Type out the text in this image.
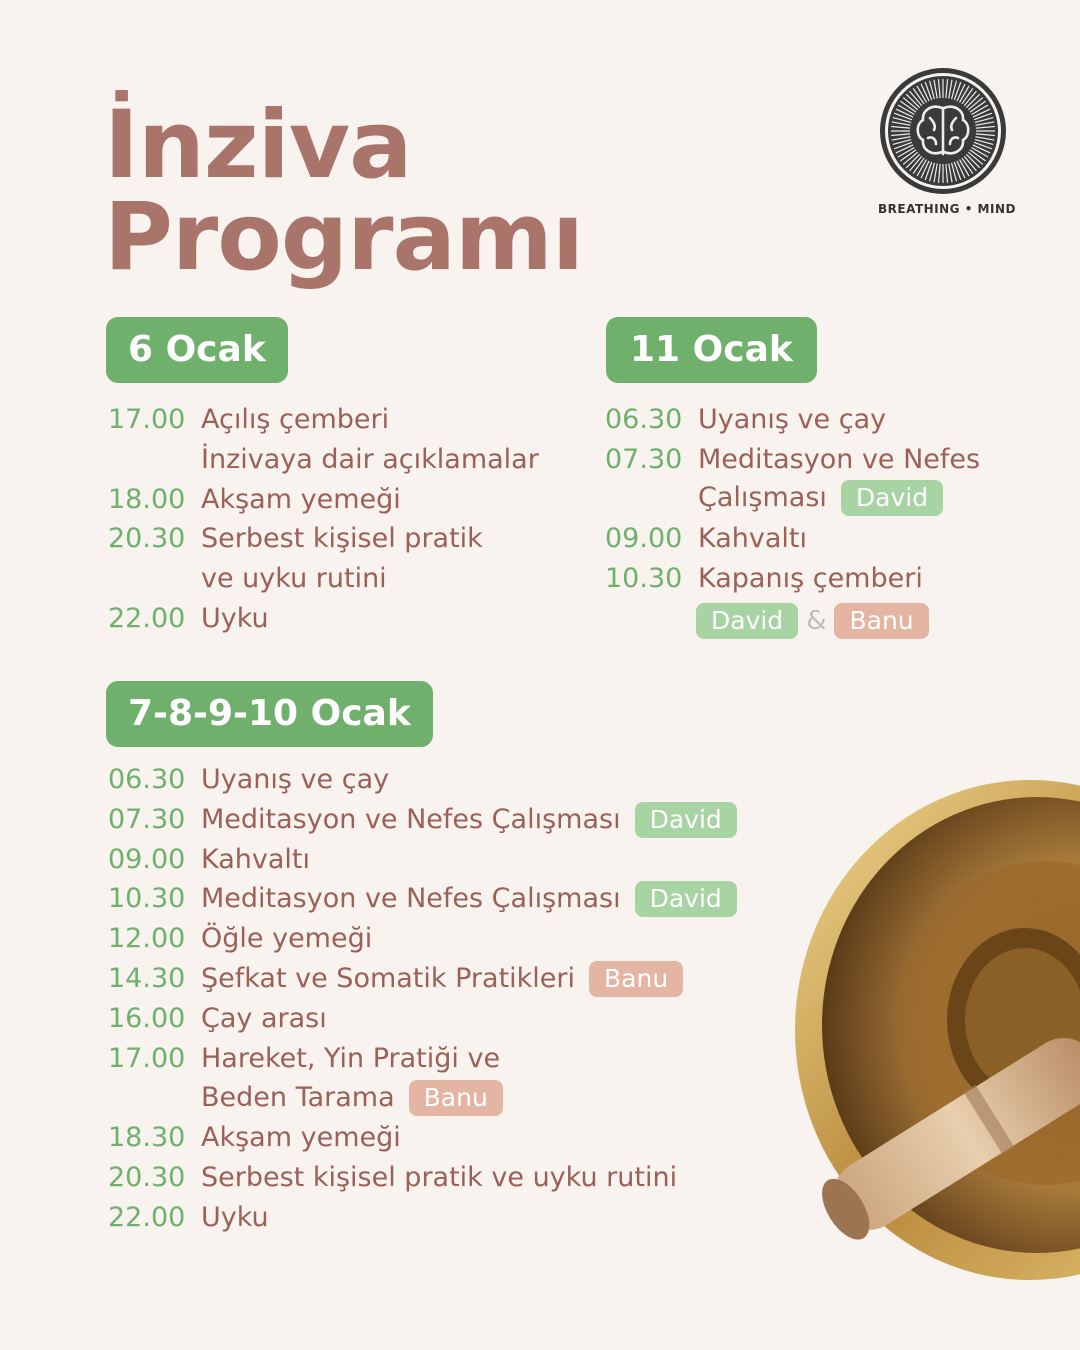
İnziva
Programı	BREATHING • MIND
6 Ocak
17.00 Açılış çemberi
İnzivaya dair açıklamalar
18.00 Akşam yemeği
20.30 Serbest kişisel pratik
ve uyku rutini
22.00 Uyku
11 Ocak
06.30 Uyanış ve çay
07.30 Meditasyon ve Nefes
Çalışması	David
09.00 Kahvaltı
10.30 Kapanış çemberi
David & Banu
7-8-9-10 Ocak
06.30 Uyanış ve çay
07.30 Meditasyon ve Nefes Çalışması	David
09.00 Kahvaltı
10.30 Meditasyon ve Nefes Çalışması	David
12.00 Öğle yemeği
14.30 Şefkat ve Somatik Pratikleri	Banu
16.00 Çay arası
17.00 Hareket, Yin Pratiği ve
Beden Tarama	Banu
18.30 Akşam yemeği
20.30 Serbest kişisel pratik ve uyku rutini
22.00 Uyku
